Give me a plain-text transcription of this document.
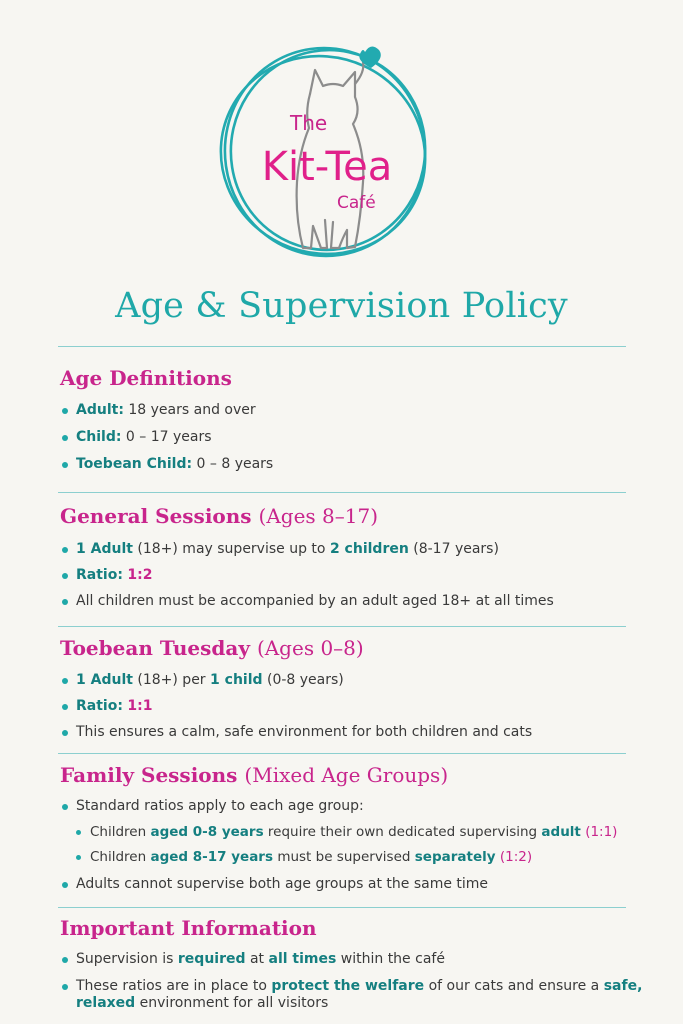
The
Kit-Tea
Café
Age & Supervision Policy
Age Definitions
Adult: 18 years and over
Child: 0 – 17 years
Toebean Child: 0 – 8 years
General Sessions (Ages 8–17)
1 Adult (18+) may supervise up to 2 children (8-17 years)
Ratio: 1:2
All children must be accompanied by an adult aged 18+ at all times
Toebean Tuesday (Ages 0–8)
1 Adult (18+) per 1 child (0-8 years)
Ratio: 1:1
This ensures a calm, safe environment for both children and cats
Family Sessions (Mixed Age Groups)
Standard ratios apply to each age group:
Children aged 0-8 years require their own dedicated supervising adult (1:1)
Children aged 8-17 years must be supervised separately (1:2)
Adults cannot supervise both age groups at the same time
Important Information
Supervision is required at all times within the café
These ratios are in place to protect the welfare of our cats and ensure a safe, relaxed environment for all visitors
